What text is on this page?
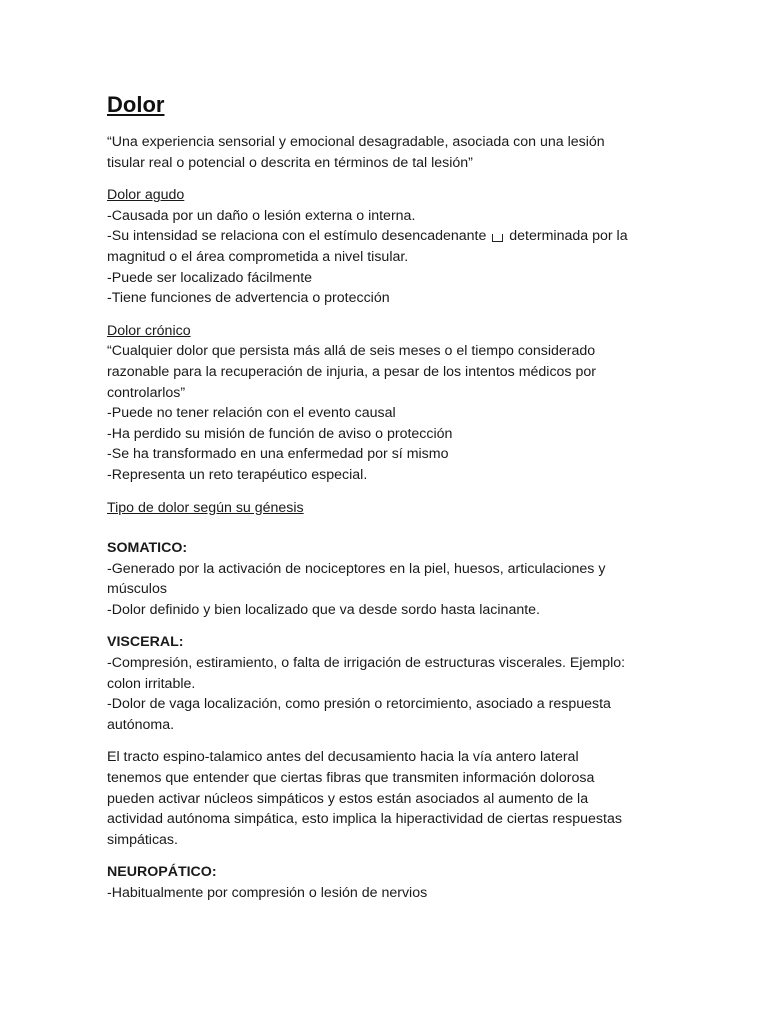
Dolor
“Una experiencia sensorial y emocional desagradable, asociada con una lesión
tisular real o potencial o descrita en términos de tal lesión”
Dolor agudo
-Causada por un daño o lesión externa o interna.
-Su intensidad se relaciona con el estímulo desencadenante determinada por la
magnitud o el área comprometida a nivel tisular.
-Puede ser localizado fácilmente
-Tiene funciones de advertencia o protección
Dolor crónico
“Cualquier dolor que persista más allá de seis meses o el tiempo considerado
razonable para la recuperación de injuria, a pesar de los intentos médicos por
controlarlos”
-Puede no tener relación con el evento causal
-Ha perdido su misión de función de aviso o protección
-Se ha transformado en una enfermedad por sí mismo
-Representa un reto terapéutico especial.
Tipo de dolor según su génesis
SOMATICO:
-Generado por la activación de nociceptores en la piel, huesos, articulaciones y
músculos
-Dolor definido y bien localizado que va desde sordo hasta lacinante.
VISCERAL:
-Compresión, estiramiento, o falta de irrigación de estructuras viscerales. Ejemplo:
colon irritable.
-Dolor de vaga localización, como presión o retorcimiento, asociado a respuesta
autónoma.
El tracto espino-talamico antes del decusamiento hacia la vía antero lateral
tenemos que entender que ciertas fibras que transmiten información dolorosa
pueden activar núcleos simpáticos y estos están asociados al aumento de la
actividad autónoma simpática, esto implica la hiperactividad de ciertas respuestas
simpáticas.
NEUROPÁTICO:
-Habitualmente por compresión o lesión de nervios
